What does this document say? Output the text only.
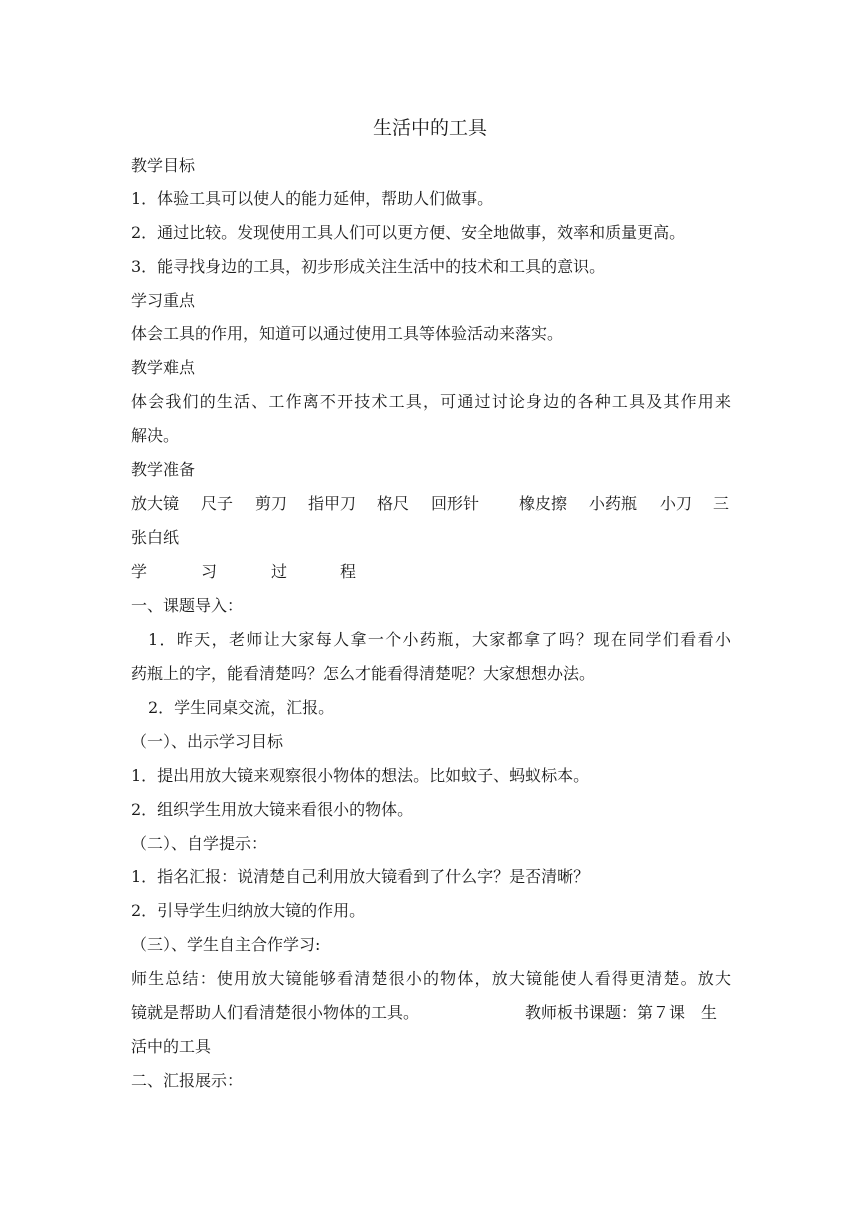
生活中的工具
教学目标
1．体验工具可以使人的能力延伸，帮助人们做事。
2．通过比较。发现使用工具人们可以更方便、安全地做事，效率和质量更高。
3．能寻找身边的工具，初步形成关注生活中的技术和工具的意识。
学习重点
体会工具的作用，知道可以通过使用工具等体验活动来落实。
教学难点
体会我们的生活、工作离不开技术工具，可通过讨论身边的各种工具及其作用来
解决。
教学准备
放大镜 尺子 剪刀 指甲刀 格尺 回形针 橡皮擦 小药瓶 小刀 三
张白纸
学	习	过	程
一、课题导入：
1．昨天，老师让大家每人拿一个小药瓶，大家都拿了吗？现在同学们看看小
药瓶上的字，能看清楚吗？怎么才能看得清楚呢？大家想想办法。
2．学生同桌交流，汇报。
（一）、出示学习目标
1．提出用放大镜来观察很小物体的想法。比如蚊子、蚂蚁标本。
2．组织学生用放大镜来看很小的物体。
（二）、自学提示：
1．指名汇报：说清楚自己利用放大镜看到了什么字？是否清晰？
2．引导学生归纳放大镜的作用。
（三）、学生自主合作学习:
师生总结：使用放大镜能够看清楚很小的物体，放大镜能使人看得更清楚。放大
镜就是帮助人们看清楚很小物体的工具。	教师板书课题：第７课　生
活中的工具
二、汇报展示：
